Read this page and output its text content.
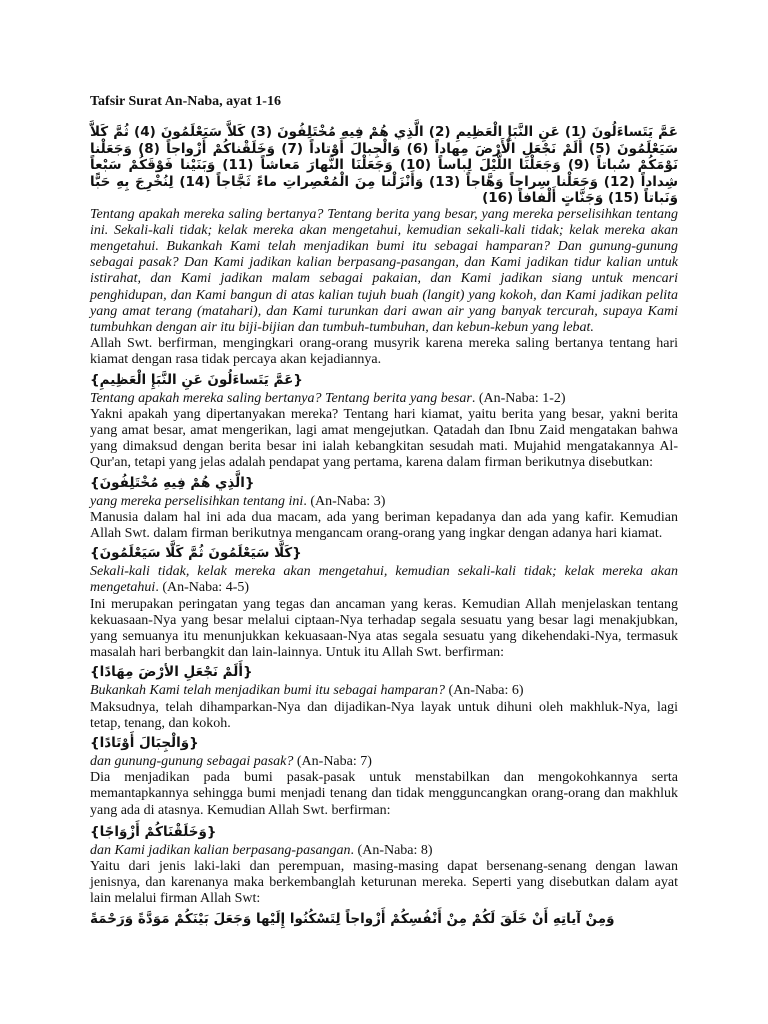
Tafsir Surat An-Naba, ayat 1-16
عَمَّ يَتَساءَلُونَ (1) عَنِ النَّبَإِ الْعَظِيمِ (2) الَّذِي هُمْ فِيهِ مُخْتَلِفُونَ (3) كَلاَّ سَيَعْلَمُونَ (4) ثُمَّ كَلاَّ سَيَعْلَمُونَ (5) أَلَمْ نَجْعَلِ الْأَرْضَ مِهاداً (6) وَالْجِبالَ أَوْتاداً (7) وَخَلَقْناكُمْ أَزْواجاً (8) وَجَعَلْنا نَوْمَكُمْ سُباتاً (9) وَجَعَلْنَا اللَّيْلَ لِباساً (10) وَجَعَلْنَا النَّهارَ مَعاشاً (11) وَبَنَيْنا فَوْقَكُمْ سَبْعاً شِداداً (12) وَجَعَلْنا سِراجاً وَهَّاجاً (13) وَأَنْزَلْنا مِنَ الْمُعْصِراتِ ماءً ثَجَّاجاً (14) لِنُخْرِجَ بِهِ حَبًّا وَنَباتاً (15) وَجَنَّاتٍ أَلْفافاً (16)
Tentang apakah mereka saling bertanya? Tentang berita yang besar, yang mereka perselisihkan tentang ini. Sekali-kali tidak; kelak mereka akan mengetahui, kemudian sekali-kali tidak; kelak mereka akan mengetahui. Bukankah Kami telah menjadikan bumi itu sebagai hamparan? Dan gunung-gunung sebagai pasak? Dan Kami jadikan kalian berpasang-pasangan, dan Kami jadikan tidur kalian untuk istirahat, dan Kami jadikan malam sebagai pakaian, dan Kami jadikan siang untuk mencari penghidupan, dan Kami bangun di atas kalian tujuh buah (langit) yang kokoh, dan Kami jadikan pelita yang amat terang (matahari), dan Kami turunkan dari awan air yang banyak tercurah, supaya Kami tumbuhkan dengan air itu biji-bijian dan tumbuh-tumbuhan, dan kebun-kebun yang lebat.
Allah Swt. berfirman, mengingkari orang-orang musyrik karena mereka saling bertanya tentang hari kiamat dengan rasa tidak percaya akan kejadiannya.
{عَمَّ يَتَساءَلُونَ عَنِ النَّبَإِ الْعَظِيمِ}
Tentang apakah mereka saling bertanya? Tentang berita yang besar. (An-Naba: 1-2)
Yakni apakah yang dipertanyakan mereka? Tentang hari kiamat, yaitu berita yang besar, yakni berita yang amat besar, amat mengerikan, lagi amat mengejutkan. Qatadah dan Ibnu Zaid mengatakan bahwa yang dimaksud dengan berita besar ini ialah kebangkitan sesudah mati. Mujahid mengatakannya Al-Qur'an, tetapi yang jelas adalah pendapat yang pertama, karena dalam firman berikutnya disebutkan:
{الَّذِي هُمْ فِيهِ مُخْتَلِفُونَ}
yang mereka perselisihkan tentang ini. (An-Naba: 3)
Manusia dalam hal ini ada dua macam, ada yang beriman kepadanya dan ada yang kafir. Kemudian Allah Swt. dalam firman berikutnya mengancam orang-orang yang ingkar dengan adanya hari kiamat.
{كَلَّا سَيَعْلَمُونَ ثُمَّ كَلَّا سَيَعْلَمُونَ}
Sekali-kali tidak, kelak mereka akan mengetahui, kemudian sekali-kali tidak; kelak mereka akan mengetahui. (An-Naba: 4-5)
Ini merupakan peringatan yang tegas dan ancaman yang keras. Kemudian Allah menjelaskan tentang kekuasaan-Nya yang besar melalui ciptaan-Nya terhadap segala sesuatu yang besar lagi menakjubkan, yang semuanya itu menunjukkan kekuasaan-Nya atas segala sesuatu yang dikehendaki-Nya, termasuk masalah hari berbangkit dan lain-lainnya. Untuk itu Allah Swt. berfirman:
{أَلَمْ نَجْعَلِ الأرْضَ مِهَادًا}
Bukankah Kami telah menjadikan bumi itu sebagai hamparan? (An-Naba: 6)
Maksudnya, telah dihamparkan-Nya dan dijadikan-Nya layak untuk dihuni oleh makhluk-Nya, lagi tetap, tenang, dan kokoh.
{وَالْجِبَالَ أَوْتَادًا}
dan gunung-gunung sebagai pasak? (An-Naba: 7)
Dia menjadikan pada bumi pasak-pasak untuk menstabilkan dan mengokohkannya serta memantapkannya sehingga bumi menjadi tenang dan tidak mengguncangkan orang-orang dan makhluk yang ada di atasnya. Kemudian Allah Swt. berfirman:
{وَخَلَقْنَاكُمْ أَزْوَاجًا}
dan Kami jadikan kalian berpasang-pasangan. (An-Naba: 8)
Yaitu dari jenis laki-laki dan perempuan, masing-masing dapat bersenang-senang dengan lawan jenisnya, dan karenanya maka berkembanglah keturunan mereka. Seperti yang disebutkan dalam ayat lain melalui firman Allah Swt:
وَمِنْ آياتِهِ أَنْ خَلَقَ لَكُمْ مِنْ أَنْفُسِكُمْ أَزْواجاً لِتَسْكُنُوا إِلَيْها وَجَعَلَ بَيْنَكُمْ مَوَدَّةً وَرَحْمَةً
